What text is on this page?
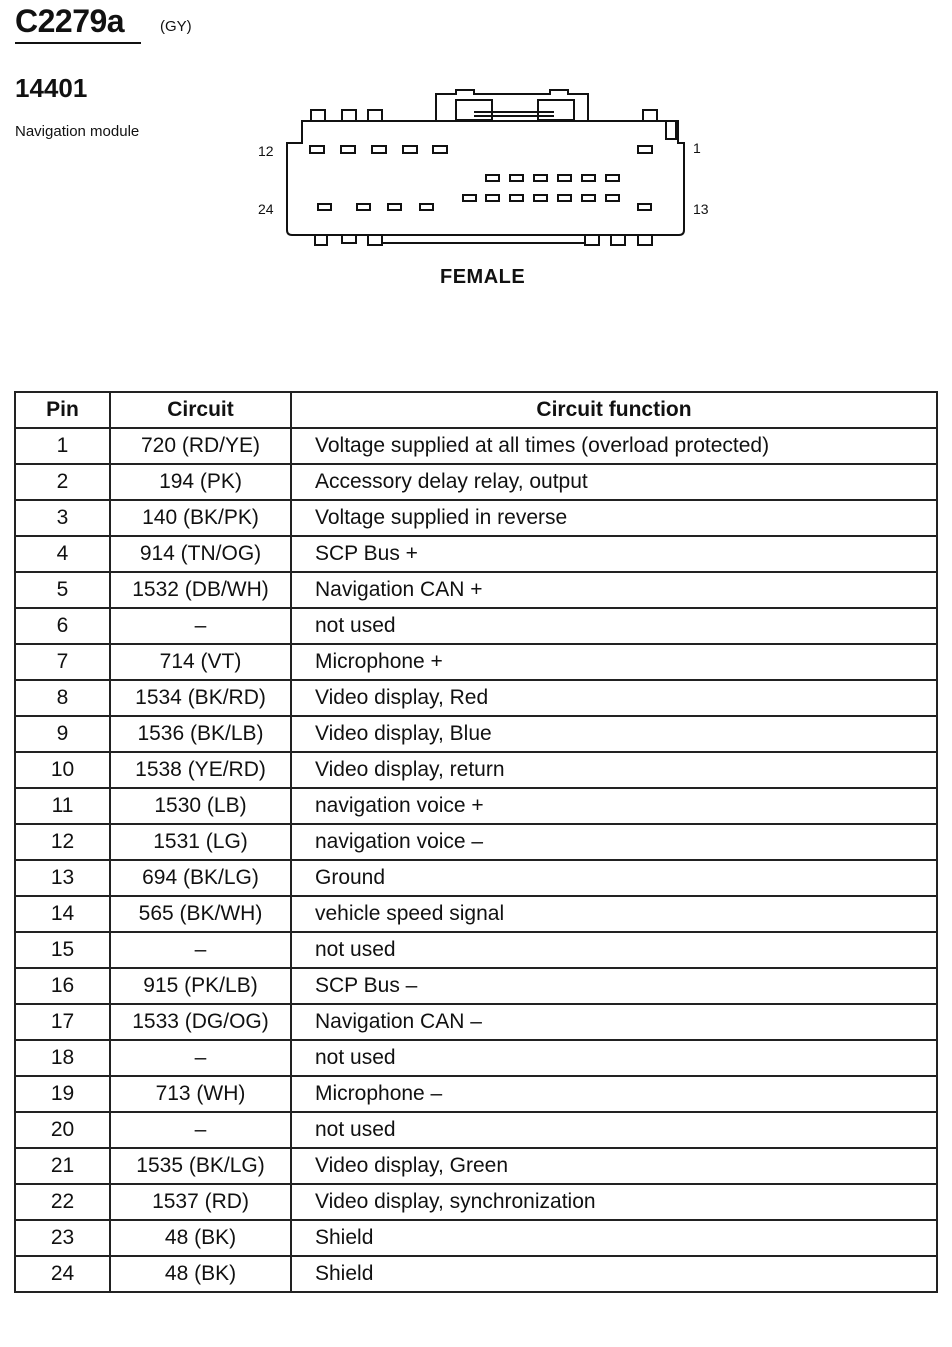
C2279a (GY)
14401
Navigation module
12	1
24	13
FEMALE
Pin	Circuit	Circuit function
1	720 (RD/YE)	Voltage supplied at all times (overload protected)
2	194 (PK)	Accessory delay relay, output
3	140 (BK/PK)	Voltage supplied in reverse
4	914 (TN/OG)	SCP Bus +
5	1532 (DB/WH)	Navigation CAN +
6	–	not used
7	714 (VT)	Microphone +
8	1534 (BK/RD)	Video display, Red
9	1536 (BK/LB)	Video display, Blue
10	1538 (YE/RD)	Video display, return
11	1530 (LB)	navigation voice +
12	1531 (LG)	navigation voice –
13	694 (BK/LG)	Ground
14	565 (BK/WH)	vehicle speed signal
15	–	not used
16	915 (PK/LB)	SCP Bus –
17	1533 (DG/OG)	Navigation CAN –
18	–	not used
19	713 (WH)	Microphone –
20	–	not used
21	1535 (BK/LG)	Video display, Green
22	1537 (RD)	Video display, synchronization
23	48 (BK)	Shield
24	48 (BK)	Shield
